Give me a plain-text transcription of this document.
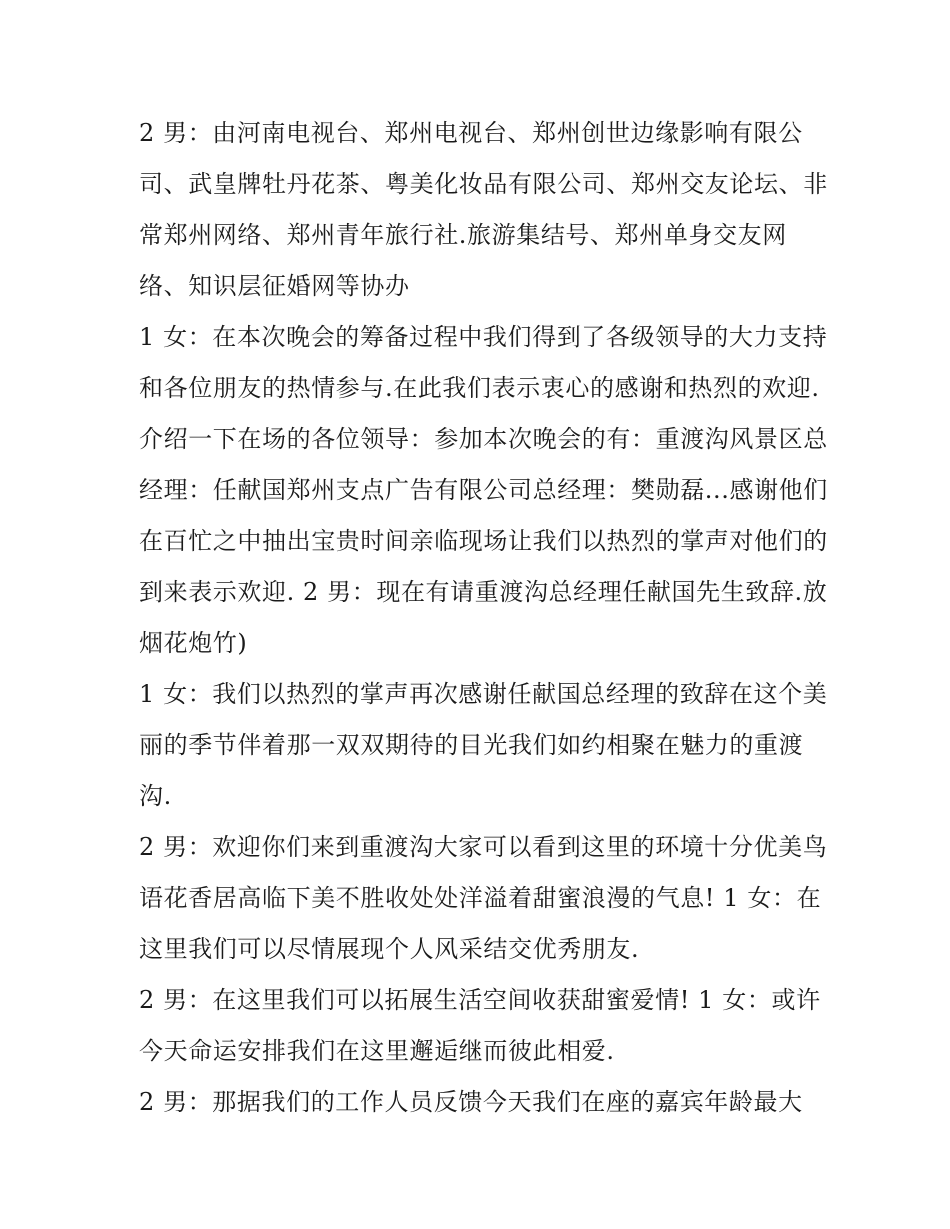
2 男：由河南电视台、郑州电视台、郑州创世边缘影响有限公司、武皇牌牡丹花茶、粤美化妆品有限公司、郑州交友论坛、非常郑州网络、郑州青年旅行社.旅游集结号、郑州单身交友网络、知识层征婚网等协办

1 女：在本次晚会的筹备过程中我们得到了各级领导的大力支持和各位朋友的热情参与.在此我们表示衷心的感谢和热烈的欢迎.介绍一下在场的各位领导：参加本次晚会的有：重渡沟风景区总经理：任献国郑州支点广告有限公司总经理：樊勋磊...感谢他们在百忙之中抽出宝贵时间亲临现场让我们以热烈的掌声对他们的到来表示欢迎. 2 男：现在有请重渡沟总经理任献国先生致辞.放烟花炮竹)

1 女：我们以热烈的掌声再次感谢任献国总经理的致辞在这个美丽的季节伴着那一双双期待的目光我们如约相聚在魅力的重渡沟.

2 男：欢迎你们来到重渡沟大家可以看到这里的环境十分优美鸟语花香居高临下美不胜收处处洋溢着甜蜜浪漫的气息! 1 女：在这里我们可以尽情展现个人风采结交优秀朋友.

2 男：在这里我们可以拓展生活空间收获甜蜜爱情! 1 女：或许今天命运安排我们在这里邂逅继而彼此相爱.

2 男：那据我们的工作人员反馈今天我们在座的嘉宾年龄最大
